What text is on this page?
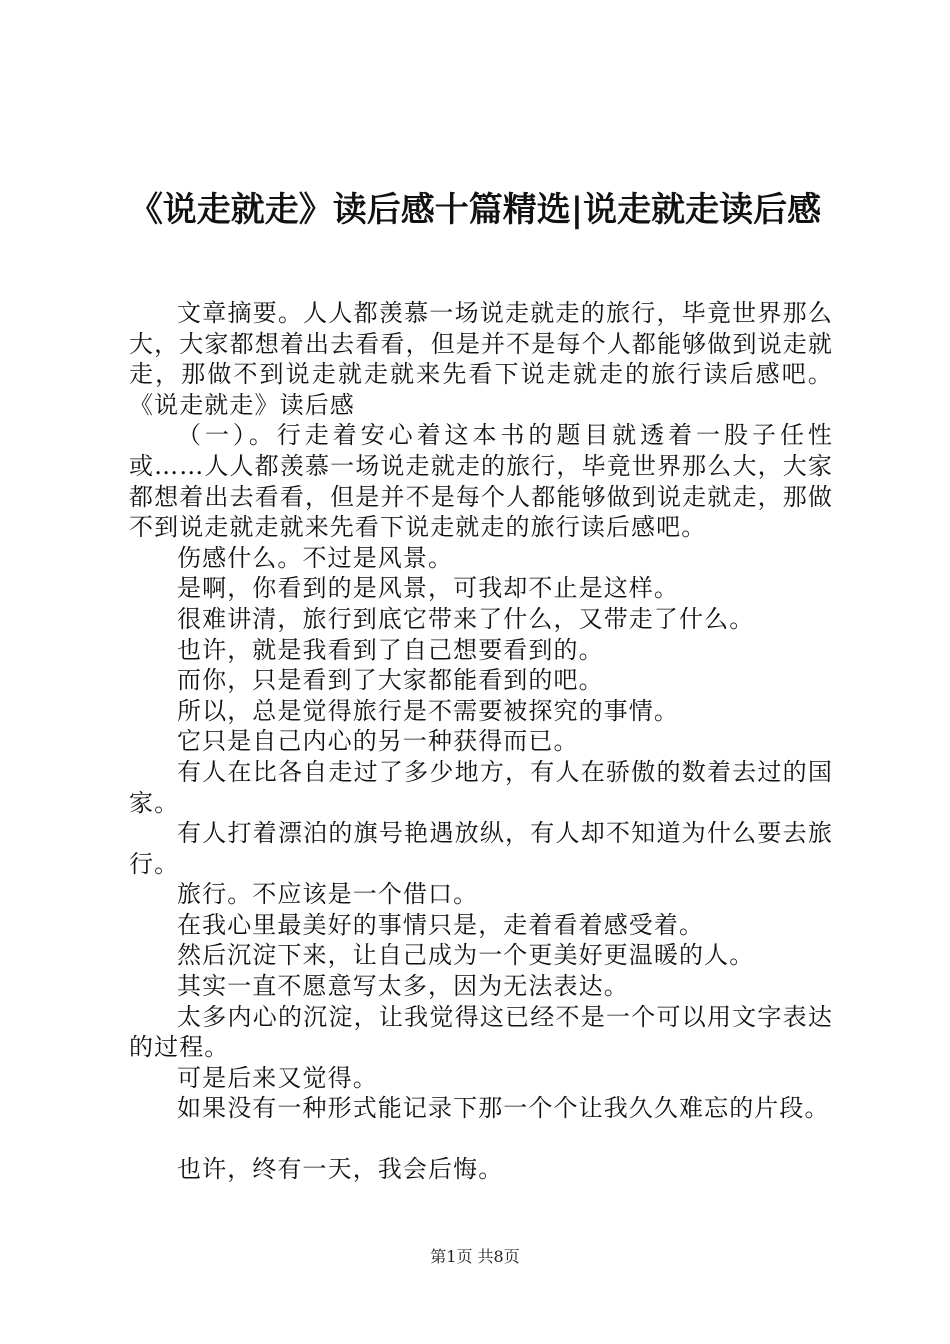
《说走就走》读后感十篇精选|说走就走读后感

文章摘要。人人都羡慕一场说走就走的旅行，毕竟世界那么大，大家都想着出去看看，但是并不是每个人都能够做到说走就走，那做不到说走就走就来先看下说走就走的旅行读后感吧。《说走就走》读后感

（一）。行走着安心着这本书的题目就透着一股子任性或……人人都羡慕一场说走就走的旅行，毕竟世界那么大，大家都想着出去看看，但是并不是每个人都能够做到说走就走，那做不到说走就走就来先看下说走就走的旅行读后感吧。

伤感什么。不过是风景。

是啊，你看到的是风景，可我却不止是这样。

很难讲清，旅行到底它带来了什么，又带走了什么。

也许，就是我看到了自己想要看到的。

而你，只是看到了大家都能看到的吧。

所以，总是觉得旅行是不需要被探究的事情。

它只是自己内心的另一种获得而已。

有人在比各自走过了多少地方，有人在骄傲的数着去过的国家。

有人打着漂泊的旗号艳遇放纵，有人却不知道为什么要去旅行。

旅行。不应该是一个借口。

在我心里最美好的事情只是，走着看着感受着。

然后沉淀下来，让自己成为一个更美好更温暖的人。

其实一直不愿意写太多，因为无法表达。

太多内心的沉淀，让我觉得这已经不是一个可以用文字表达的过程。

可是后来又觉得。

如果没有一种形式能记录下那一个个让我久久难忘的片段。

也许，终有一天，我会后悔。

第1页 共8页
